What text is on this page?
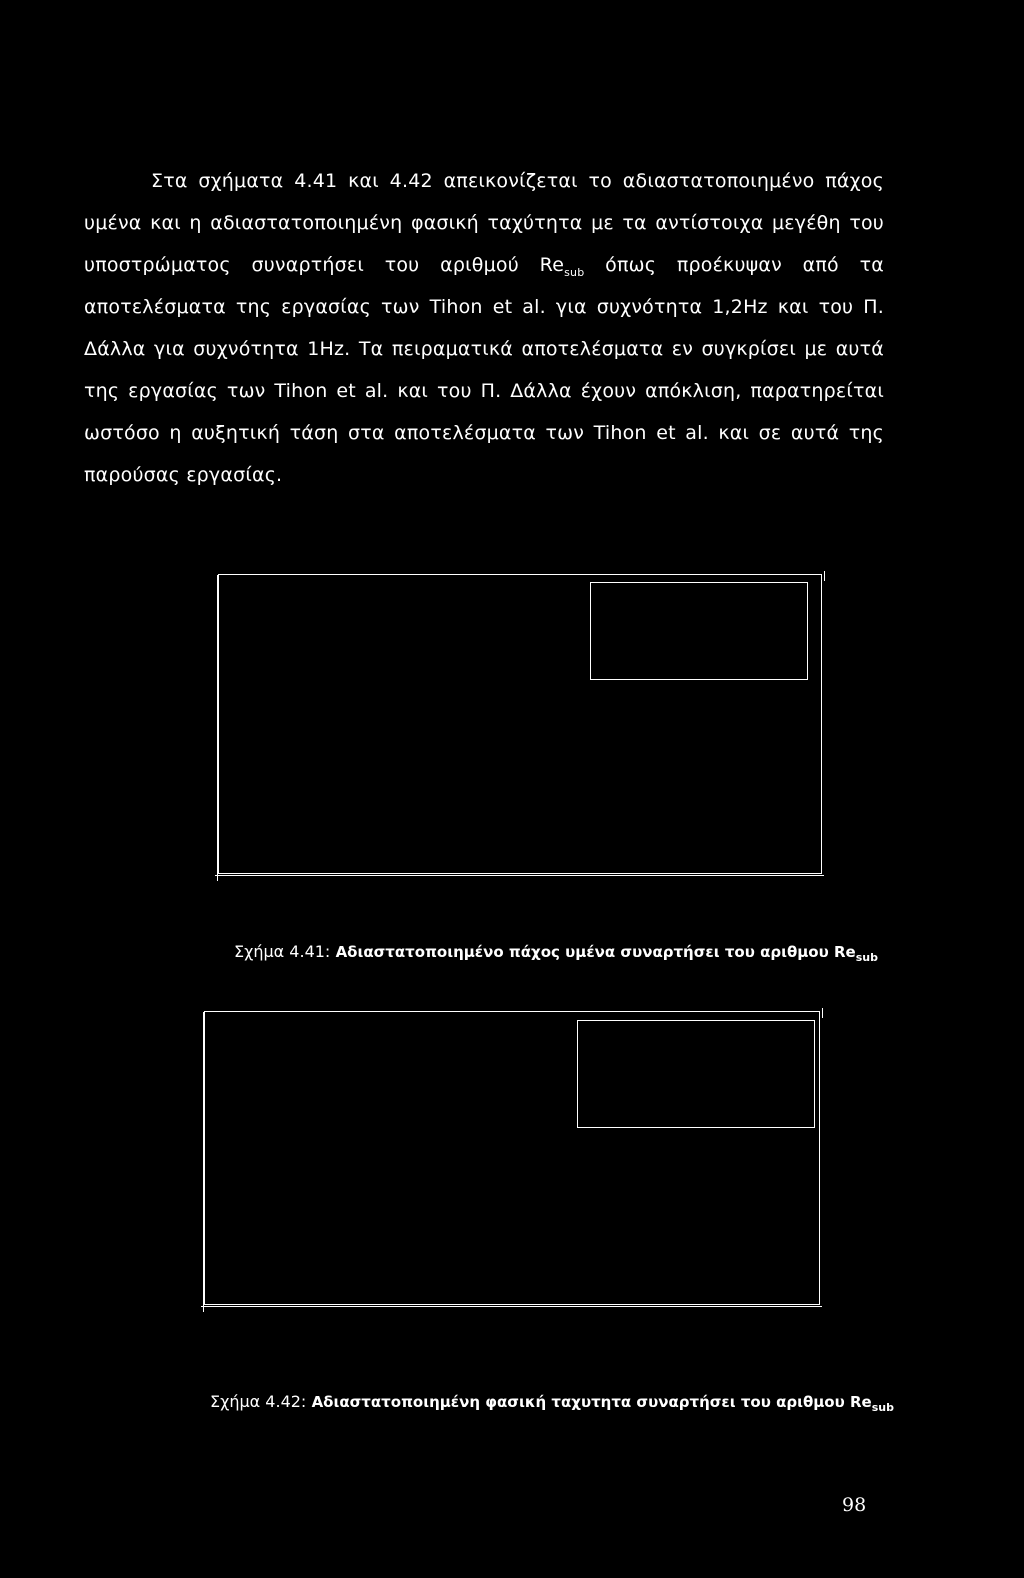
Στα σχήματα 4.41 και 4.42 απεικονίζεται το αδιαστατοποιημένο πάχος
υμένα και η αδιαστατοποιημένη φασική ταχύτητα με τα αντίστοιχα μεγέθη του
υποστρώματος συναρτήσει του αριθμού $Re_{sub}$ όπως προέκυψαν από τα
αποτελέσματα της εργασίας των Tihon et al. για συχνότητα 1,2Hz και του Π.
Δάλλα για συχνότητα 1Hz. Τα πειραματικά αποτελέσματα εν συγκρίσει με αυτά
της εργασίας των Tihon et al. και του Π. Δάλλα έχουν απόκλιση, παρατηρείται
ωστόσο η αυξητική τάση στα αποτελέσματα των Tihon et al. και σε αυτά της
παρούσας εργασίας.
Σχήμα 4.41: Αδιαστατοποιημένο πάχος υμένα συναρτήσει του αριθμου $Re_{sub}$
Σχήμα 4.42: Αδιαστατοποιημένη φασική ταχυτητα συναρτήσει του αριθμου $Re_{sub}$
98
